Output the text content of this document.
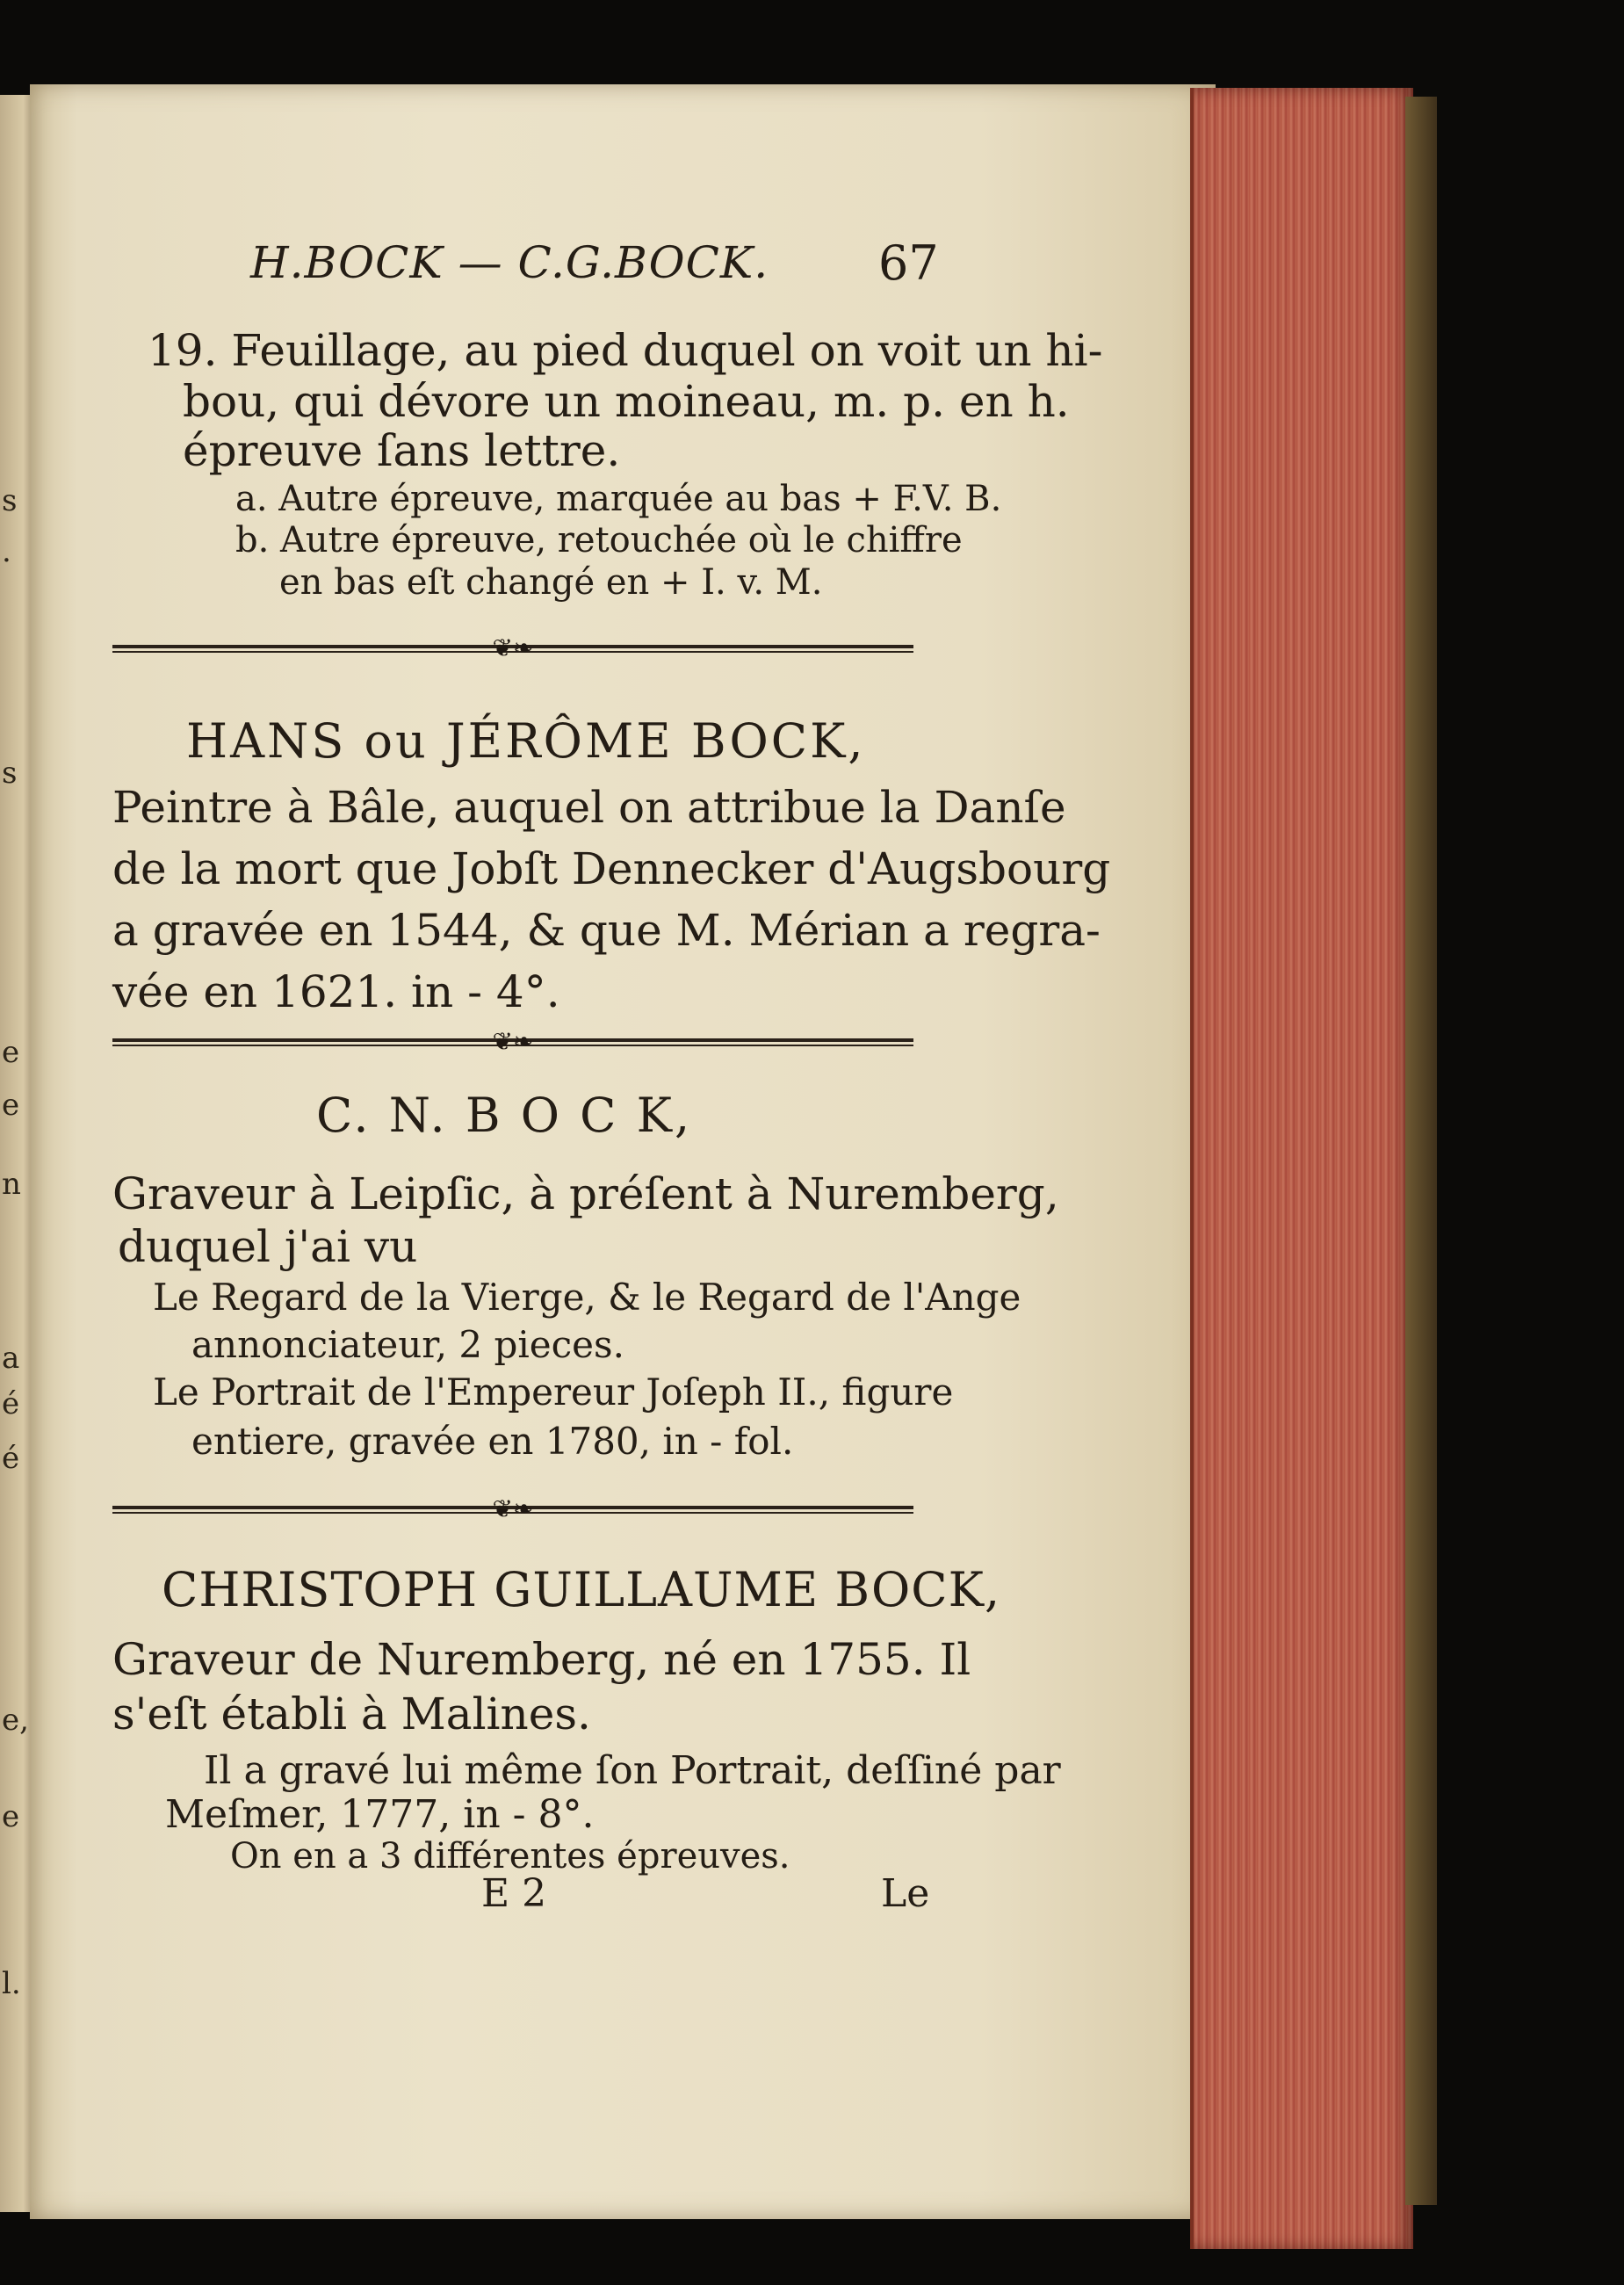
s
.
s
e
e
n
a
é
é
e,
e
l.
H.BOCK — C.G.BOCK. 67
19. Feuillage, au pied duquel on voit un hi-
bou, qui dévore un moineau, m. p. en h.
épreuve ſans lettre.
a. Autre épreuve, marquée au bas + F.V. B.
b. Autre épreuve, retouchée où le chiffre
en bas eſt changé en + I. v. M.
❦❧
HANS ou JÉRÔME BOCK,
Peintre à Bâle, auquel on attribue la Danſe
de la mort que Jobſt Dennecker d'Augsbourg
a gravée en 1544, & que M. Mérian a regra-
vée en 1621. in - 4°.
❦❧
C. N. B O C K,
Graveur à Leipſic, à préſent à Nuremberg,
duquel j'ai vu
Le Regard de la Vierge, & le Regard de l'Ange
annonciateur, 2 pieces.
Le Portrait de l'Empereur Joſeph II., figure
entiere, gravée en 1780, in - fol.
❦❧
CHRISTOPH GUILLAUME BOCK,
Graveur de Nuremberg, né en 1755. Il
s'eſt établi à Malines.
Il a gravé lui même ſon Portrait, deſſiné par
Meſmer, 1777, in - 8°.
On en a 3 différentes épreuves.
E 2	Le
